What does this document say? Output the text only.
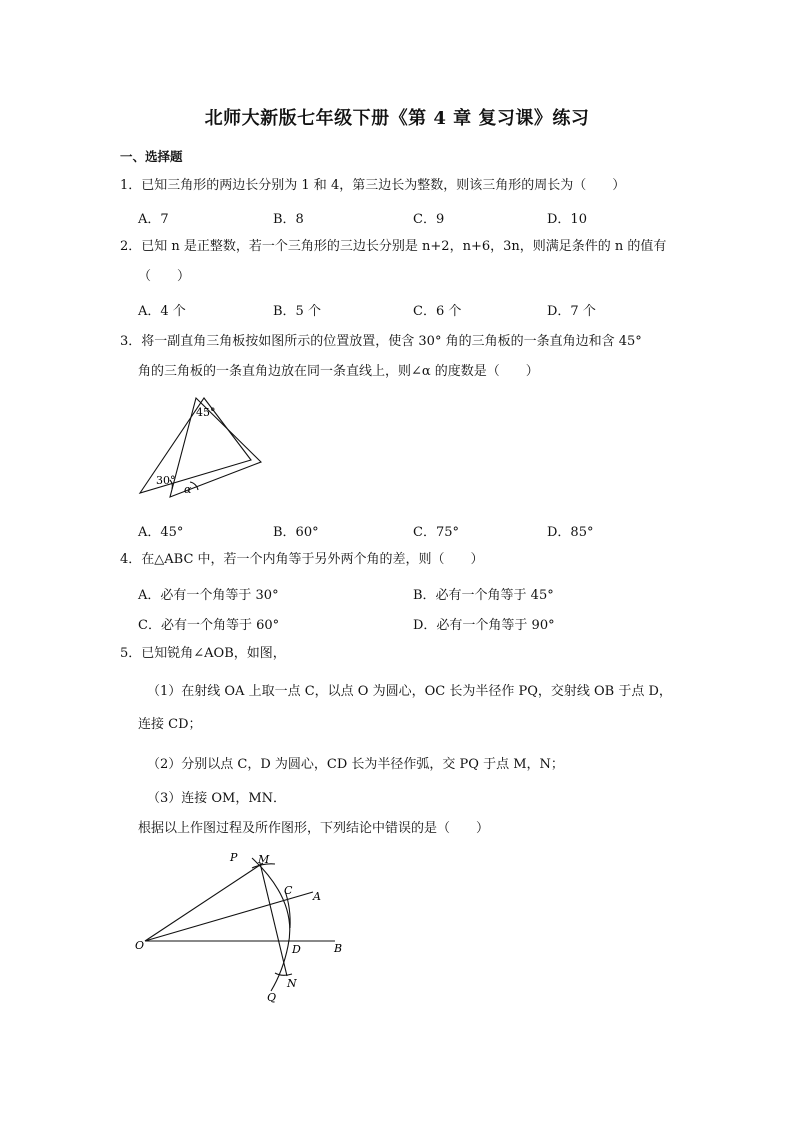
北师大新版七年级下册《第 4 章 复习课》练习
一、选择题
1．已知三角形的两边长分别为 1 和 4，第三边长为整数，则该三角形的周长为（　　）
A．7	B．8	C．9	D．10
2．已知 n 是正整数，若一个三角形的三边长分别是 n+2，n+6，3n，则满足条件的 n 的值有
（　　）
A．4 个	B．5 个	C．6 个	D．7 个
3．将一副直角三角板按如图所示的位置放置，使含 30° 角的三角板的一条直角边和含 45°
角的三角板的一条直角边放在同一条直线上，则∠α 的度数是（　　）
45°
30°
α
A．45°	B．60°	C．75°	D．85°
4．在△ABC 中，若一个内角等于另外两个角的差，则（　　）
A．必有一个角等于 30°	B．必有一个角等于 45°
C．必有一个角等于 60°	D．必有一个角等于 90°
5．已知锐角∠AOB，如图，
（1）在射线 OA 上取一点 C，以点 O 为圆心，OC 长为半径作 PQ，交射线 OB 于点 D，
连接 CD；
（2）分别以点 C，D 为圆心，CD 长为半径作弧，交 PQ 于点 M，N；
（3）连接 OM，MN．
根据以上作图过程及所作图形，下列结论中错误的是（　　）
P M
C A
O	D	B
N
Q
